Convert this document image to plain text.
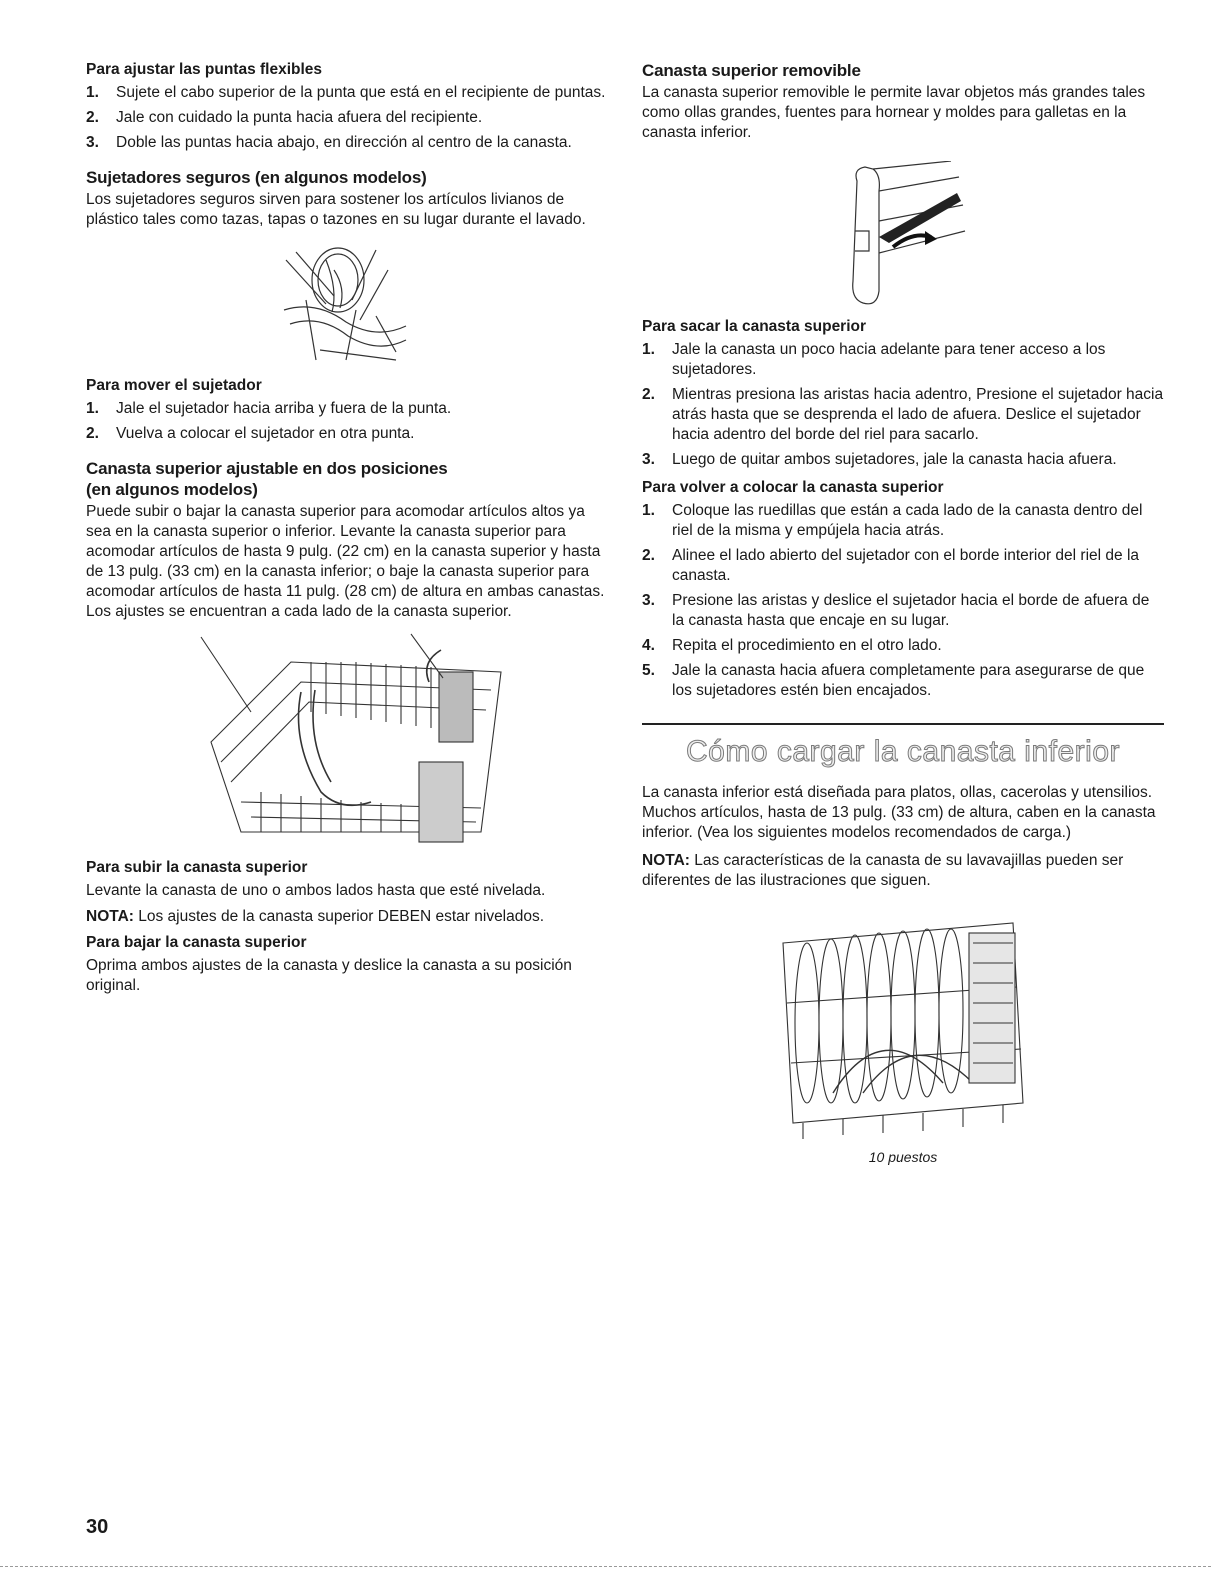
Para ajustar las puntas flexibles
1. Sujete el cabo superior de la punta que está en el recipiente de puntas.
2. Jale con cuidado la punta hacia afuera del recipiente.
3. Doble las puntas hacia abajo, en dirección al centro de la canasta.
Sujetadores seguros (en algunos modelos)

Los sujetadores seguros sirven para sostener los artículos livianos de plástico tales como tazas, tapas o tazones en su lugar durante el lavado.

Para mover el sujetador
1. Jale el sujetador hacia arriba y fuera de la punta.
2. Vuelva a colocar el sujetador en otra punta.
Canasta superior ajustable en dos posiciones
(en algunos modelos)

Puede subir o bajar la canasta superior para acomodar artículos altos ya sea en la canasta superior o inferior. Levante la canasta superior para acomodar artículos de hasta 9 pulg. (22 cm) en la canasta superior y hasta de 13 pulg. (33 cm) en la canasta inferior; o baje la canasta superior para acomodar artículos de hasta 11 pulg. (28 cm) de altura en ambas canastas. Los ajustes se encuentran a cada lado de la canasta superior.

Para subir la canasta superior

Levante la canasta de uno o ambos lados hasta que esté nivelada.

NOTA: Los ajustes de la canasta superior DEBEN estar nivelados.

Para bajar la canasta superior

Oprima ambos ajustes de la canasta y deslice la canasta a su posición original.

Canasta superior removible

La canasta superior removible le permite lavar objetos más grandes tales como ollas grandes, fuentes para hornear y moldes para galletas en la canasta inferior.

Para sacar la canasta superior
1. Jale la canasta un poco hacia adelante para tener acceso a los sujetadores.
2. Mientras presiona las aristas hacia adentro, Presione el sujetador hacia atrás hasta que se desprenda el lado de afuera. Deslice el sujetador hacia adentro del borde del riel para sacarlo.
3. Luego de quitar ambos sujetadores, jale la canasta hacia afuera.
Para volver a colocar la canasta superior
1. Coloque las ruedillas que están a cada lado de la canasta dentro del riel de la misma y empújela hacia atrás.
2. Alinee el lado abierto del sujetador con el borde interior del riel de la canasta.
3. Presione las aristas y deslice el sujetador hacia el borde de afuera de la canasta hasta que encaje en su lugar.
4. Repita el procedimiento en el otro lado.
5. Jale la canasta hacia afuera completamente para asegurarse de que los sujetadores estén bien encajados.
Cómo cargar la canasta inferior

La canasta inferior está diseñada para platos, ollas, cacerolas y utensilios. Muchos artículos, hasta de 13 pulg. (33 cm) de altura, caben en la canasta inferior. (Vea los siguientes modelos recomendados de carga.)

NOTA: Las características de la canasta de su lavavajillas pueden ser diferentes de las ilustraciones que siguen.

10 puestos
30
